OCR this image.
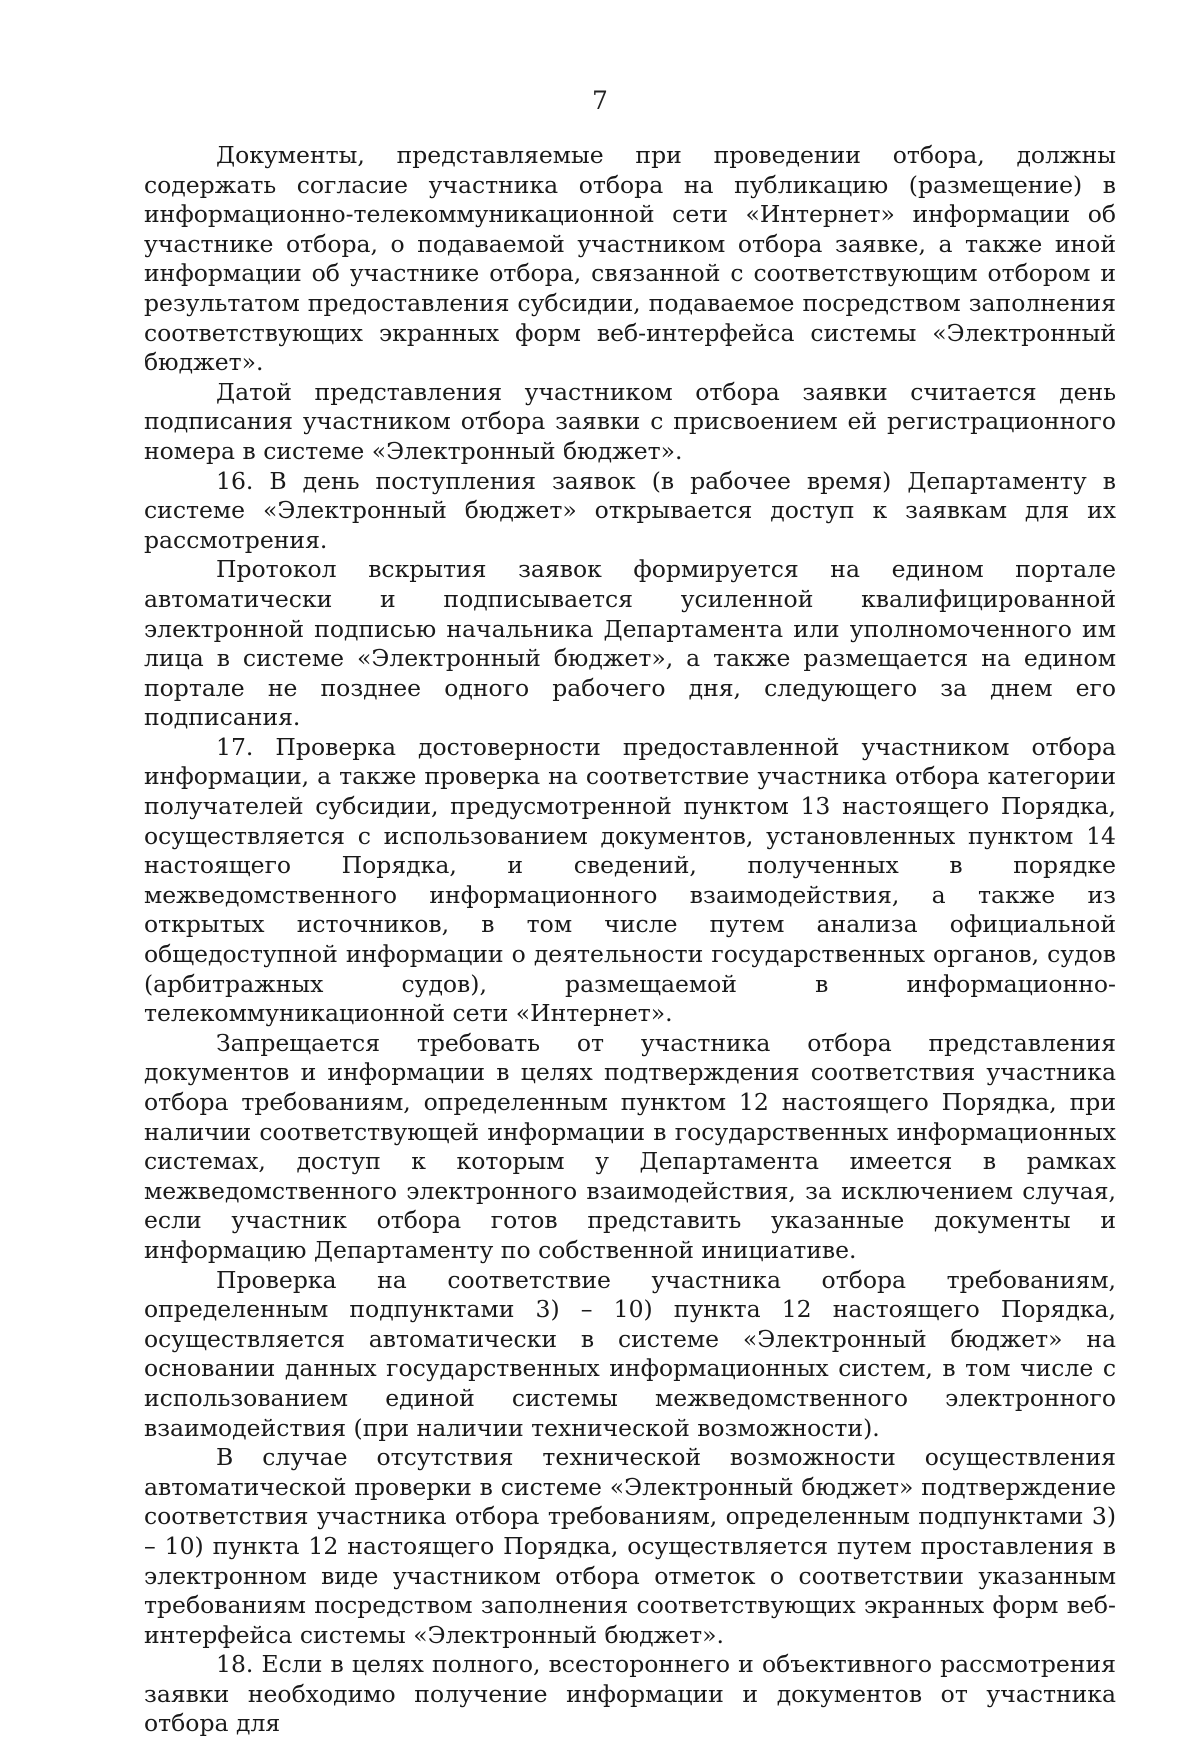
7

Документы, представляемые при проведении отбора, должны содержать согласие участника отбора на публикацию (размещение) в информационно-телекоммуникационной сети «Интернет» информации об участнике отбора, о подаваемой участником отбора заявке, а также иной информации об участнике отбора, связанной с соответствующим отбором и результатом предоставления субсидии, подаваемое посредством заполнения соответствующих экранных форм веб-интерфейса системы «Электронный бюджет».

Датой представления участником отбора заявки считается день подписания участником отбора заявки с присвоением ей регистрационного номера в системе «Электронный бюджет».

16. В день поступления заявок (в рабочее время) Департаменту в системе «Электронный бюджет» открывается доступ к заявкам для их рассмотрения.

Протокол вскрытия заявок формируется на едином портале автоматически и подписывается усиленной квалифицированной электронной подписью начальника Департамента или уполномоченного им лица в системе «Электронный бюджет», а также размещается на едином портале не позднее одного рабочего дня, следующего за днем его подписания.

17. Проверка достоверности предоставленной участником отбора информации, а также проверка на соответствие участника отбора категории получателей субсидии, предусмотренной пунктом 13 настоящего Порядка, осуществляется с использованием документов, установленных пунктом 14 настоящего Порядка, и сведений, полученных в порядке межведомственного информационного взаимодействия, а также из открытых источников, в том числе путем анализа официальной общедоступной информации о деятельности государственных органов, судов (арбитражных судов), размещаемой в информационно-телекоммуникационной сети «Интернет».

Запрещается требовать от участника отбора представления документов и информации в целях подтверждения соответствия участника отбора требованиям, определенным пунктом 12 настоящего Порядка, при наличии соответствующей информации в государственных информационных системах, доступ к которым у Департамента имеется в рамках межведомственного электронного взаимодействия, за исключением случая, если участник отбора готов представить указанные документы и информацию Департаменту по собственной инициативе.

Проверка на соответствие участника отбора требованиям, определенным подпунктами 3) – 10) пункта 12 настоящего Порядка, осуществляется автоматически в системе «Электронный бюджет» на основании данных государственных информационных систем, в том числе с использованием единой системы межведомственного электронного взаимодействия (при наличии технической возможности).

В случае отсутствия технической возможности осуществления автоматической проверки в системе «Электронный бюджет» подтверждение соответствия участника отбора требованиям, определенным подпунктами 3) – 10) пункта 12 настоящего Порядка, осуществляется путем проставления в электронном виде участником отбора отметок о соответствии указанным требованиям посредством заполнения соответствующих экранных форм веб-интерфейса системы «Электронный бюджет».

18. Если в целях полного, всестороннего и объективного рассмотрения заявки необходимо получение информации и документов от участника отбора для
